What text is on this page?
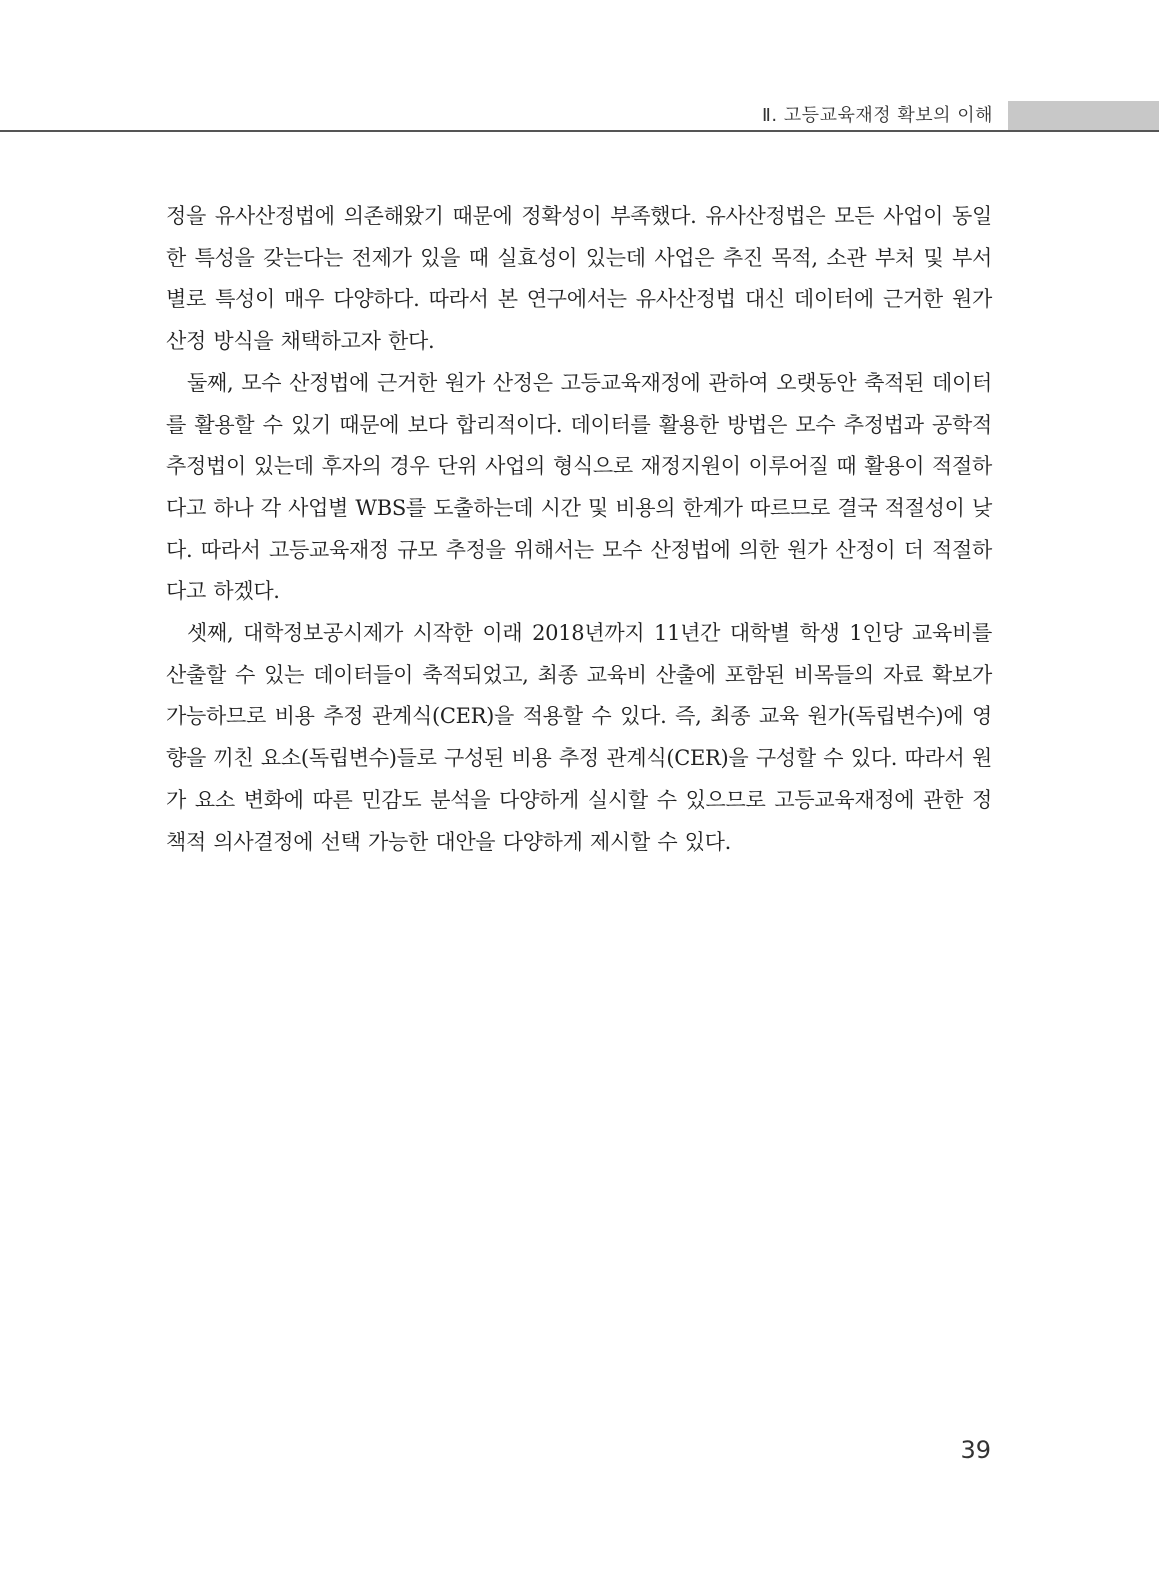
Ⅱ. 고등교육재정 확보의 이해

정을 유사산정법에 의존해왔기 때문에 정확성이 부족했다. 유사산정법은 모든 사업이 동일한 특성을 갖는다는 전제가 있을 때 실효성이 있는데 사업은 추진 목적, 소관 부처 및 부서별로 특성이 매우 다양하다. 따라서 본 연구에서는 유사산정법 대신 데이터에 근거한 원가 산정 방식을 채택하고자 한다.

둘째, 모수 산정법에 근거한 원가 산정은 고등교육재정에 관하여 오랫동안 축적된 데이터를 활용할 수 있기 때문에 보다 합리적이다. 데이터를 활용한 방법은 모수 추정법과 공학적 추정법이 있는데 후자의 경우 단위 사업의 형식으로 재정지원이 이루어질 때 활용이 적절하다고 하나 각 사업별 WBS를 도출하는데 시간 및 비용의 한계가 따르므로 결국 적절성이 낮다. 따라서 고등교육재정 규모 추정을 위해서는 모수 산정법에 의한 원가 산정이 더 적절하다고 하겠다.

셋째, 대학정보공시제가 시작한 이래 2018년까지 11년간 대학별 학생 1인당 교육비를 산출할 수 있는 데이터들이 축적되었고, 최종 교육비 산출에 포함된 비목들의 자료 확보가 가능하므로 비용 추정 관계식(CER)을 적용할 수 있다. 즉, 최종 교육 원가(독립변수)에 영향을 끼친 요소(독립변수)들로 구성된 비용 추정 관계식(CER)을 구성할 수 있다. 따라서 원가 요소 변화에 따른 민감도 분석을 다양하게 실시할 수 있으므로 고등교육재정에 관한 정책적 의사결정에 선택 가능한 대안을 다양하게 제시할 수 있다.

39
